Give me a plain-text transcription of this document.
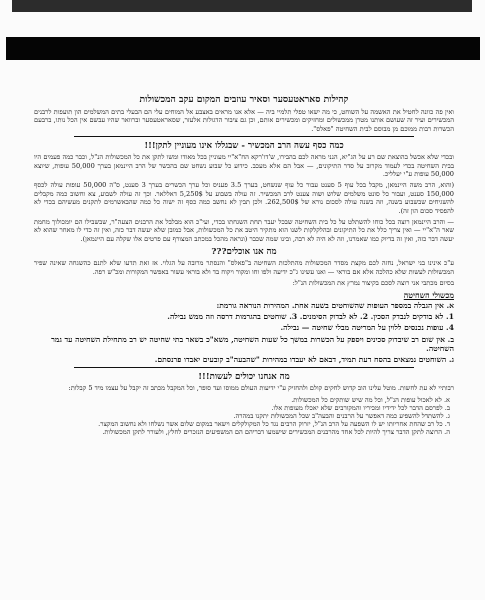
קהילות סאראטעסער וסאיר עוזבים המקום עקב המכשולות

ואין פה כוונה לחטיל את האשמה על השוחט, כי מה ישאו טפלי תלמיי ביה — אלא אנו מראים באצבע אל המוחים עלי הם הבעלי בתים המשלמים הון תועפות לרבנים המכשירים ועיר זה שעושם אותנו מטרן ממכשולים ומחזיקים ומכשירים אותם, וכן גם ציבור הדגולות אלעזר, שסאראטעסער וברוואר שהיו עבשם אין הכל נותו, ברבעם הכשרות רבות ממוכם מן מבוסם לבית השחיטה "פאלס".

כמה כסף עשה הרב המכשיר - שבגללו אינו מעוניין לתקן!!!

ובכדי שלא אכשל בהוצאת שם רע על הג"יא, הנני מראה לכם בהבירו, ש'דו'רקא הח"א"יי מעוניין בכל מאודו ומשו לתקן את כל המכשולות הנ"ל, וכבר כמה פעמים היו בבית השחיטה בכדי לעמוד מקרוב על סדר התיקונים, — אבל הם אלא מעכב. כידוע כל שבוע נשחט שם בהכשר של הרב היינמאן בערך 50,000 עופות, שיוצא 50,000 עופות ע"י יעלליכ.

(והוא, הרב משה היינמאן, מקבל בכל עוף 5 סענט עבור כל עוף שנשחט, בערך 3.5 פעניס וכל ערך הכשרים בערך 3 סענט, ס"ה 50,000 עופות עולה לכסף 150,000 סענט, ועבור כל סונט משלמים שלוש ושוה צענט לרב המכשיר. זה עולה בשבוע על 5,250$ דאללאר. וכך זה עולה לשבוע, צא וחשוב כמה מקבלים להשגיחים שבשבוע בשנה, וזה בשנה עולה לסכום נורא של 262,500$. ולכן תבין לא נחשב כמה כסף זה ישוה כל כמה שהבאשרמים לתקנים מעשיהם בכדי לא להפסיד סכום הון זה).

— והרב היינמאן רוצה בכל כוחו להשתלט על כל בית השחיטה שבכל יעבר תחת השגחתו בכדי, ועי"כ הוא מבלבל את הרבנים הצעה"ר, שבשבילו הם יומכולוך מחמת שאר ה"א"יי — ואין צריך כלל את כל התיקונים ובהלקלקות לשנו הוא מתקיר היטב את כל המכשולות, אבל כמובן שלא יעשה דבר כזה, ואין זה כדי לו מאחר שהוא לא יעשה דבר כזה, ואין זה בדיוק כמו שאמרנו, וזה לא היה לא רבה, ובינו שמה שכבר (ונראה מהכל במכתב המצורף עם פרטים אלו שקלה עם היינמאן).

מה אנו אוכלים???

ע"כ אינינו בני ישראל, נחזה לכם מקצת מסדר המכשולות מהתלכות השחיטה ב"פאלס" והנסתר מרובה על הגלוי. אז זאת תדעו שלא לתנם כהשגחה שאינה שפיר המכשולות לעשות שלא כהלכה אלא אם בוראי — ואנו עשינו ג"כ ידיעה ולפו וחו ומקור ויקוח בד ולא בוראי עשור באפשר המקורות ומכ"ש רפה.

בסיום מכתבי אני רוצה לסכם בקיצור נמרץ את המכשולות הנ"ל:

מכשולי השחיטה
א. אין הגבלה במספר העופות שהשוחטים בשעה אחת. המהירות הנוראה גורמת:
1. לא בודקים לנבדק הסכין. 2. לא לבדוק הסימנים. 3. שוחטים בהגרמות דרסה וזה ממש נבילה.
4. עופות נכנסים ללוין על המריטה מבלי שחיטה — נבילה.
ב. אין שום רב שיבדוק סכינים ויספק על הכשרות במשך כל שעות השחיטה, משא"כ בשאר בתי שחיטה יש רב מתחילת השחיטה עד גמר השחיטה.
ג. השוחטים נמצאים בהסח דעת תמיד, דבאם לא יעבדו במהירות "שהבעה"ב קובעים יאבדו פרנסתם.
מה אנחנו יכולים לעשות!!!

רבותיי לא עת לחשות. מוטל עלינו הוב קדוש לחקים קולם ולהחזיק ע"י ידיעות העולם ממוסו ועד סופר, וכל המקבל מכתב זה יקבל על עצמו מיד 5 קבלות:

א. לא לאכול עופות הנ"ל, וכל מה שיש שותקים כל המכשולות.
ב. לפרסם הדבר לכל ידידיו ומכיריו והמקורבים שלא יאכלו מעופות אלו.
ג. להשתדל להשפיע כמה דאפשר על הרבנים והבעה"ב שכל המכשולות יתקנו במהרה.
ד. כל רב שהחת אחריותו יש לו השפעה על הרב הנ"ל, יזרוק הרבים נגד כל המקולקלים וישאר במקום שלום אשר נשלחו ולא נחשוב המקצר.
ה. הרוצה לתקן הדבר צריך להיות לכל אחד מהרבנים המכשירים שישמעו דבריהם הם המשפיעים הנזכרים לחלץ, ולעורר לתקן המכשולות.
